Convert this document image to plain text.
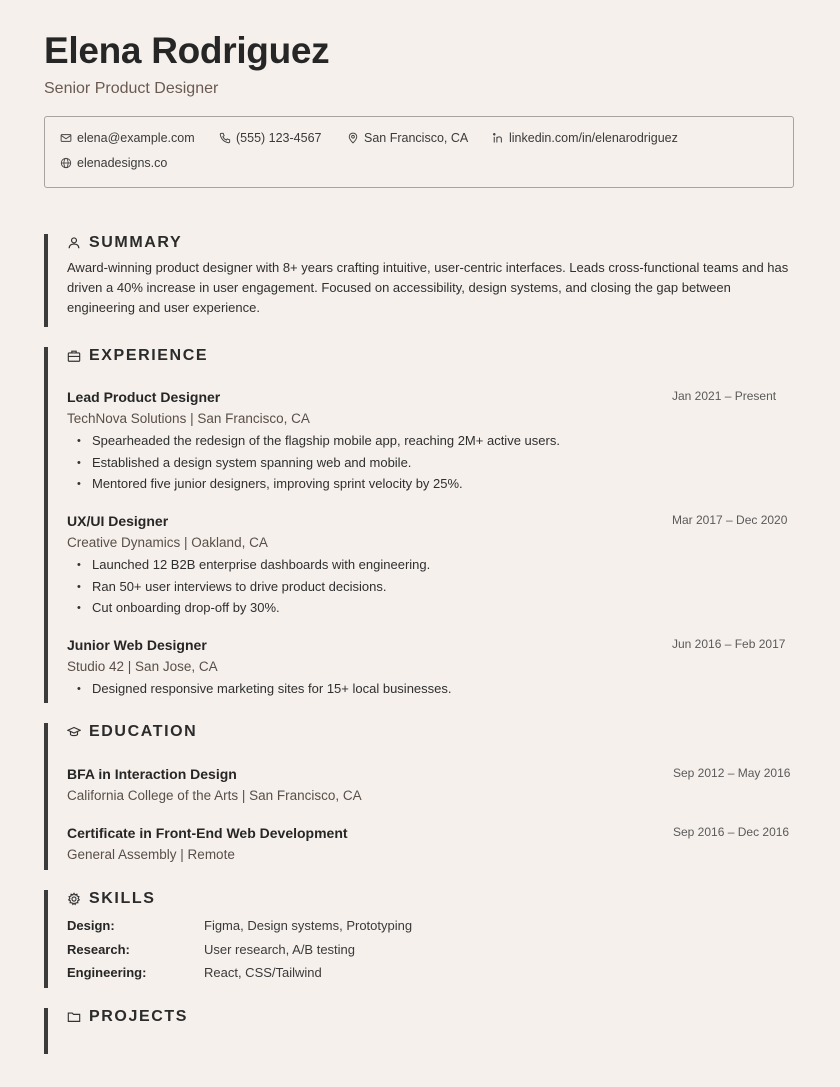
Elena Rodriguez
Senior Product Designer
elena@example.com	(555) 123-4567	San Francisco, CA	linkedin.com/in/elenarodriguez
elenadesigns.co
SUMMARY
Award-winning product designer with 8+ years crafting intuitive, user-centric interfaces. Leads cross-functional teams and has driven a 40% increase in user engagement. Focused on accessibility, design systems, and closing the gap between engineering and user experience.
EXPERIENCE
Lead Product Designer	Jan 2021 – Present
TechNova Solutions | San Francisco, CA
• Spearheaded the redesign of the flagship mobile app, reaching 2M+ active users.
• Established a design system spanning web and mobile.
• Mentored five junior designers, improving sprint velocity by 25%.
UX/UI Designer	Mar 2017 – Dec 2020
Creative Dynamics | Oakland, CA
• Launched 12 B2B enterprise dashboards with engineering.
• Ran 50+ user interviews to drive product decisions.
• Cut onboarding drop-off by 30%.
Junior Web Designer	Jun 2016 – Feb 2017
Studio 42 | San Jose, CA
• Designed responsive marketing sites for 15+ local businesses.
EDUCATION
BFA in Interaction Design	Sep 2012 – May 2016
California College of the Arts | San Francisco, CA
Certificate in Front-End Web Development	Sep 2016 – Dec 2016
General Assembly | Remote
SKILLS
Design:	Figma, Design systems, Prototyping
Research:	User research, A/B testing
Engineering:	React, CSS/Tailwind
PROJECTS
